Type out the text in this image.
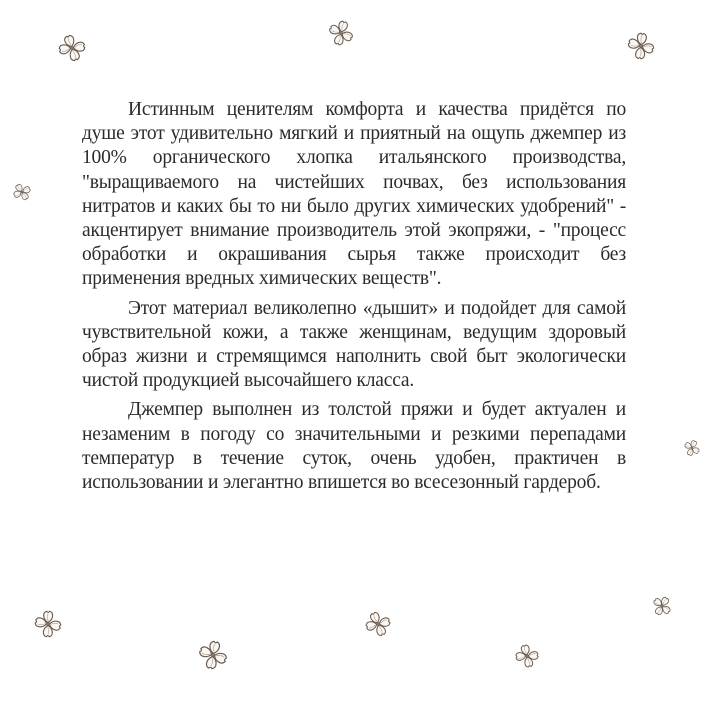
Истинным ценителям комфорта и качества придётся по душе этот удивительно мягкий и приятный на ощупь джемпер из 100% органического хлопка итальянского производства, "выращиваемого на чистейших почвах, без использования нитратов и каких бы то ни было других химических удобрений" - акцентирует внимание производитель этой экопряжи, - "процесс обработки и окрашивания сырья также происходит без применения вредных химических веществ".

Этот материал великолепно «дышит» и подойдет для самой чувствительной кожи, а также женщинам, ведущим здоровый образ жизни и стремящимся наполнить свой быт экологически чистой продукцией высочайшего класса.

Джемпер выполнен из толстой пряжи и будет актуален и незаменим в погоду со значительными и резкими перепадами температур в течение суток, очень удобен, практичен в использовании и элегантно впишется во всесезонный гардероб.
